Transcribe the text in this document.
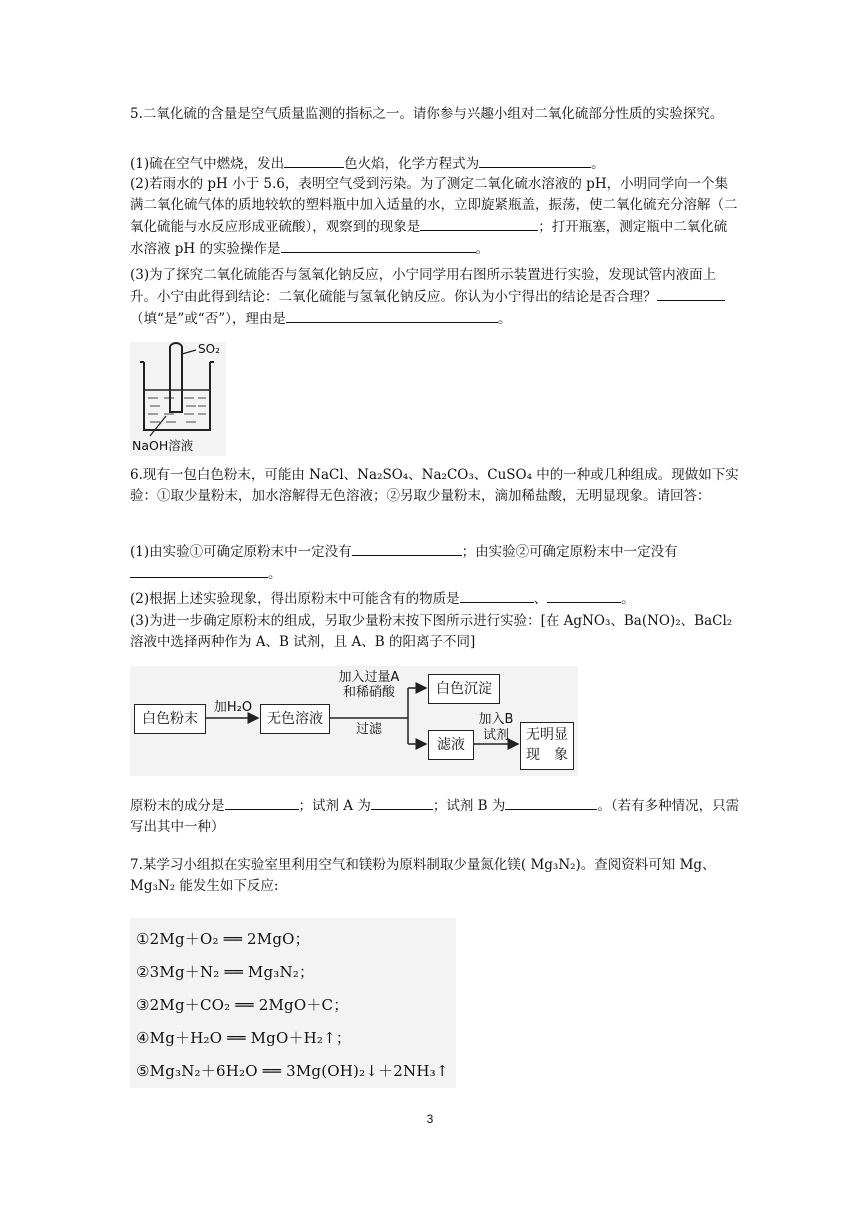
5.二氧化硫的含量是空气质量监测的指标之一。请你参与兴趣小组对二氧化硫部分性质的实验探究。

(1)硫在空气中燃烧，发出	色火焰，化学方程式为	。

(2)若雨水的 pH 小于 5.6，表明空气受到污染。为了测定二氧化硫水溶液的 pH，小明同学向一个集满二氧化硫气体的质地较软的塑料瓶中加入适量的水，立即旋紧瓶盖，振荡，使二氧化硫充分溶解（二氧化硫能与水反应形成亚硫酸），观察到的现象是	；打开瓶塞，测定瓶中二氧化硫水溶液 pH 的实验操作是	。

(3)为了探究二氧化硫能否与氢氧化钠反应，小宁同学用右图所示装置进行实验，发现试管内液面上升。小宁由此得到结论：二氧化硫能与氢氧化钠反应。你认为小宁得出的结论是否合理？（填“是”或“否”），理由是	。

SO₂
NaOH溶液

6.现有一包白色粉末，可能由 NaCl、Na₂SO₄、Na₂CO₃、CuSO₄ 中的一种或几种组成。现做如下实验：①取少量粉末，加水溶解得无色溶液；②另取少量粉末，滴加稀盐酸，无明显现象。请回答：

(1)由实验①可确定原粉末中一定没有	；由实验②可确定原粉末中一定没有
。

(2)根据上述实验现象，得出原粉末中可能含有的物质是	、	。

(3)为进一步确定原粉末的组成，另取少量粉末按下图所示进行实验：[在 AgNO₃、Ba(NO)₂、BaCl₂ 溶液中选择两种作为 A、B 试剂，且 A、B 的阳离子不同]

白色粉末
加H₂O
无色溶液
加入过量A
和稀硝酸
过滤
白色沉淀
滤液
加入B
试剂	无明显
现　象

原粉末的成分是	；试剂 A 为	；试剂 B 为	。（若有多种情况，只需写出其中一种）

7.某学习小组拟在实验室里利用空气和镁粉为原料制取少量氮化镁( Mg₃N₂)。查阅资料可知 Mg、Mg₃N₂ 能发生如下反应:

①2Mg＋O₂ ══ 2MgO；
②3Mg＋N₂ ══ Mg₃N₂；
③2Mg＋CO₂ ══ 2MgO＋C；
④Mg＋H₂O ══ MgO＋H₂↑；
⑤Mg₃N₂＋6H₂O ══ 3Mg(OH)₂↓＋2NH₃↑
3
